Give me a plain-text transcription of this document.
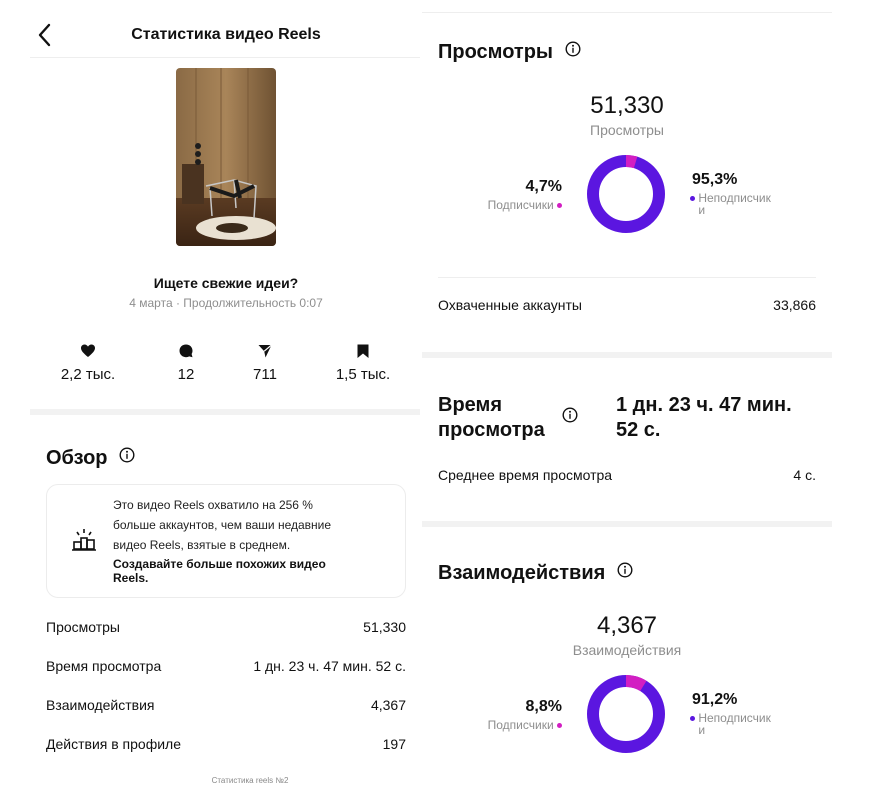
Статистика видео Reels
Ищете свежие идеи?
4 марта · Продолжительность 0:07
2,2 тыс.	12	711	1,5 тыс.
Обзор
Это видео Reels охватило на 256 % больше аккаунтов, чем ваши недавние видео Reels, взятые в среднем.
Создавайте больше похожих видео Reels.
Просмотры	51,330
Время просмотра	1 дн. 23 ч. 47 мин. 52 с.
Взаимодействия	4,367
Действия в профиле	197
Статистика reels №2
Просмотры
51,330
Просмотры
4,7%
Подписчики
95,3%
Неподписчик
и
Охваченные аккаунты	33,866
Время
просмотра
1 дн. 23 ч. 47 мин.
52 с.
Среднее время просмотра	4 с.
Взаимодействия
4,367
Взаимодействия
8,8%
Подписчики
91,2%
Неподписчик
и
